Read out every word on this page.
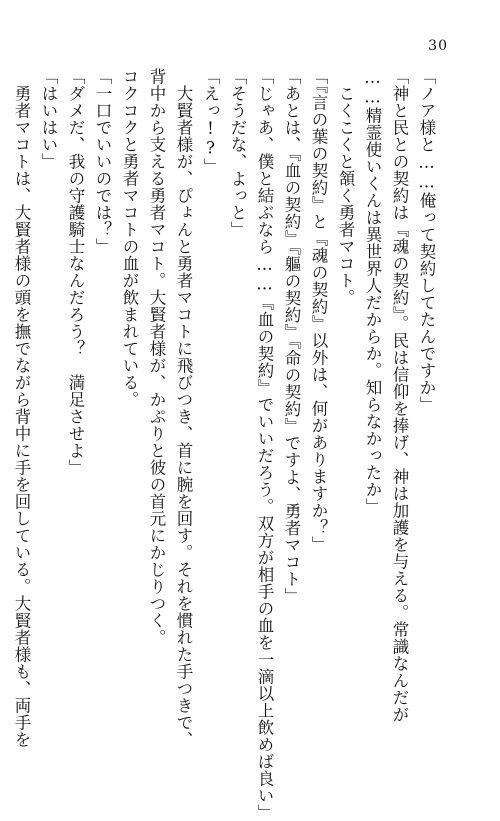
30

「ノア様と……俺って契約してたんですか」

「神と民との契約は『魂の契約』。民は信仰を捧げ、神は加護を与える。常識なんだが

……精霊使いくんは異世界人だからか。知らなかったか」

こくこくと頷く勇者マコト。

「『言の葉の契約』と『魂の契約』以外は、何がありますか？」

「あとは、『血の契約』『軀の契約』『命の契約』ですよ、勇者マコト」

「じゃあ、僕と結ぶなら……『血の契約』でいいだろう。双方が相手の血を一滴以上飲めば良い」

「そうだな、よっと」

「えっ!?」

大賢者様が、ぴょんと勇者マコトに飛びつき、首に腕を回す。それを慣れた手つきで、

背中から支える勇者マコト。大賢者様が、かぷりと彼の首元にかじりつく。

コクコクと勇者マコトの血が飲まれている。

「一口でいいのでは？」

「ダメだ、我の守護騎士なんだろう？　満足させよ」

「はいはい」

勇者マコトは、大賢者様の頭を撫でながら背中に手を回している。大賢者様も、両手を
